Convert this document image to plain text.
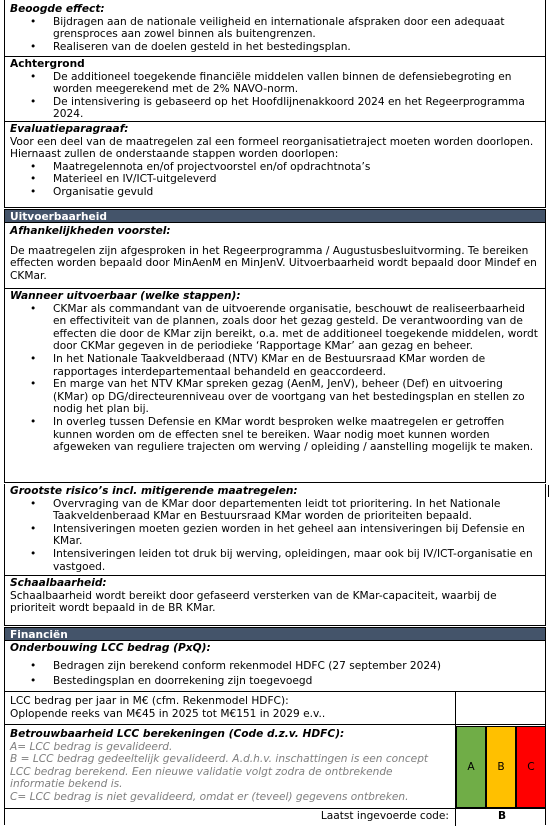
Beoogde effect:

• Bijdragen aan de nationale veiligheid en internationale afspraken door een adequaat grensproces aan zowel binnen als buitengrenzen.
• Realiseren van de doelen gesteld in het bestedingsplan.

Achtergrond

• De additioneel toegekende financiële middelen vallen binnen de defensiebegroting en worden meegerekend met de 2% NAVO-norm.
• De intensivering is gebaseerd op het Hoofdlijnenakkoord 2024 en het Regeerprogramma 2024.

Evaluatieparagraaf:

Voor een deel van de maatregelen zal een formeel reorganisatietraject moeten worden doorlopen. Hiernaast zullen de onderstaande stappen worden doorlopen:

• Maatregelennota en/of projectvoorstel en/of opdrachtnota’s
• Materieel en IV/ICT-uitgeleverd
• Organisatie gevuld
Uitvoerbaarheid

Afhankelijkheden voorstel:

De maatregelen zijn afgesproken in het Regeerprogramma / Augustusbesluitvorming. Te bereiken effecten worden bepaald door MinAenM en MinJenV. Uitvoerbaarheid wordt bepaald door Mindef en CKMar.

Wanneer uitvoerbaar (welke stappen):

• CKMar als commandant van de uitvoerende organisatie, beschouwt de realiseerbaarheid en effectiviteit van de plannen, zoals door het gezag gesteld. De verantwoording van de effecten die door de KMar zijn bereikt, o.a. met de additioneel toegekende middelen, wordt door CKMar gegeven in de periodieke ‘Rapportage KMar’ aan gezag en beheer.
• In het Nationale Taakveldberaad (NTV) KMar en de Bestuursraad KMar worden de rapportages interdepartementaal behandeld en geaccordeerd.
• En marge van het NTV KMar spreken gezag (AenM, JenV), beheer (Def) en uitvoering (KMar) op DG/directeurenniveau over de voortgang van het bestedingsplan en stellen zo nodig het plan bij.
• In overleg tussen Defensie en KMar wordt besproken welke maatregelen er getroffen kunnen worden om de effecten snel te bereiken. Waar nodig moet kunnen worden afgeweken van reguliere trajecten om werving / opleiding / aanstelling mogelijk te maken.

Grootste risico’s incl. mitigerende maatregelen:

• Overvraging van de KMar door departementen leidt tot prioritering. In het Nationale Taakveldenberaad KMar en Bestuursraad KMar worden de prioriteiten bepaald.
• Intensiveringen moeten gezien worden in het geheel aan intensiveringen bij Defensie en KMar.
• Intensiveringen leiden tot druk bij werving, opleidingen, maar ook bij IV/ICT-organisatie en vastgoed.

Schaalbaarheid:

Schaalbaarheid wordt bereikt door gefaseerd versterken van de KMar-capaciteit, waarbij de prioriteit wordt bepaald in de BR KMar.

Financiën

Onderbouwing LCC bedrag (PxQ):

• Bedragen zijn berekend conform rekenmodel HDFC (27 september 2024)
• Bestedingsplan en doorrekening zijn toegevoegd

LCC bedrag per jaar in M€ (cfm. Rekenmodel HDFC):

Oplopende reeks van M€45 in 2025 tot M€151 in 2029 e.v..

Betrouwbaarheid LCC berekeningen (Code d.z.v. HDFC):

A= LCC bedrag is gevalideerd.

B = LCC bedrag gedeeltelijk gevalideerd. A.d.h.v. inschattingen is een concept LCC bedrag berekend. Een nieuwe validatie volgt zodra de ontbrekende informatie bekend is.

C= LCC bedrag is niet gevalideerd, omdat er (teveel) gegevens ontbreken.

A B C
Laatst ingevoerde code:	B
